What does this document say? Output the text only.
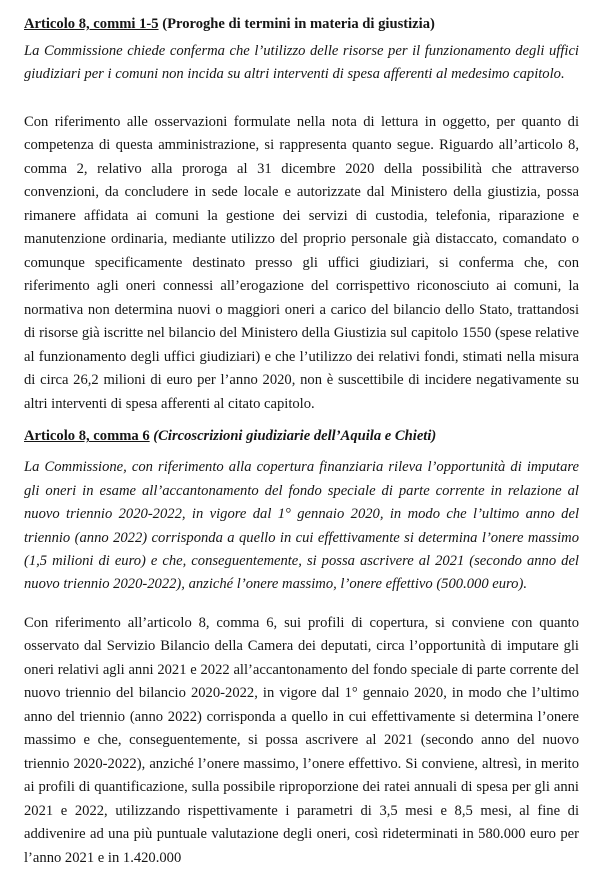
Articolo 8, commi 1-5 (Proroghe di termini in materia di giustizia)

La Commissione chiede conferma che l’utilizzo delle risorse per il funzionamento degli uffici giudiziari per i comuni non incida su altri interventi di spesa afferenti al medesimo capitolo.

Con riferimento alle osservazioni formulate nella nota di lettura in oggetto, per quanto di competenza di questa amministrazione, si rappresenta quanto segue. Riguardo all’articolo 8, comma 2, relativo alla proroga al 31 dicembre 2020 della possibilità che attraverso convenzioni, da concludere in sede locale e autorizzate dal Ministero della giustizia, possa rimanere affidata ai comuni la gestione dei servizi di custodia, telefonia, riparazione e manutenzione ordinaria, mediante utilizzo del proprio personale già distaccato, comandato o comunque specificamente destinato presso gli uffici giudiziari, si conferma che, con riferimento agli oneri connessi all’erogazione del corrispettivo riconosciuto ai comuni, la normativa non determina nuovi o maggiori oneri a carico del bilancio dello Stato, trattandosi di risorse già iscritte nel bilancio del Ministero della Giustizia sul capitolo 1550 (spese relative al funzionamento degli uffici giudiziari) e che l’utilizzo dei relativi fondi, stimati nella misura di circa 26,2 milioni di euro per l’anno 2020, non è suscettibile di incidere negativamente su altri interventi di spesa afferenti al citato capitolo.

Articolo 8, comma 6 (Circoscrizioni giudiziarie dell’Aquila e Chieti)

La Commissione, con riferimento alla copertura finanziaria rileva l’opportunità di imputare gli oneri in esame all’accantonamento del fondo speciale di parte corrente in relazione al nuovo triennio 2020-2022, in vigore dal 1° gennaio 2020, in modo che l’ultimo anno del triennio (anno 2022) corrisponda a quello in cui effettivamente si determina l’onere massimo (1,5 milioni di euro) e che, conseguentemente, si possa ascrivere al 2021 (secondo anno del nuovo triennio 2020-2022), anziché l’onere massimo, l’onere effettivo (500.000 euro).

Con riferimento all’articolo 8, comma 6, sui profili di copertura, si conviene con quanto osservato dal Servizio Bilancio della Camera dei deputati, circa l’opportunità di imputare gli oneri relativi agli anni 2021 e 2022 all’accantonamento del fondo speciale di parte corrente del nuovo triennio del bilancio 2020-2022, in vigore dal 1° gennaio 2020, in modo che l’ultimo anno del triennio (anno 2022) corrisponda a quello in cui effettivamente si determina l’onere massimo e che, conseguentemente, si possa ascrivere al 2021 (secondo anno del nuovo triennio 2020-2022), anziché l’onere massimo, l’onere effettivo. Si conviene, altresì, in merito ai profili di quantificazione, sulla possibile riproporzione dei ratei annuali di spesa per gli anni 2021 e 2022, utilizzando rispettivamente i parametri di 3,5 mesi e 8,5 mesi, al fine di addivenire ad una più puntuale valutazione degli oneri, così rideterminati in 580.000 euro per l’anno 2021 e in 1.420.000
